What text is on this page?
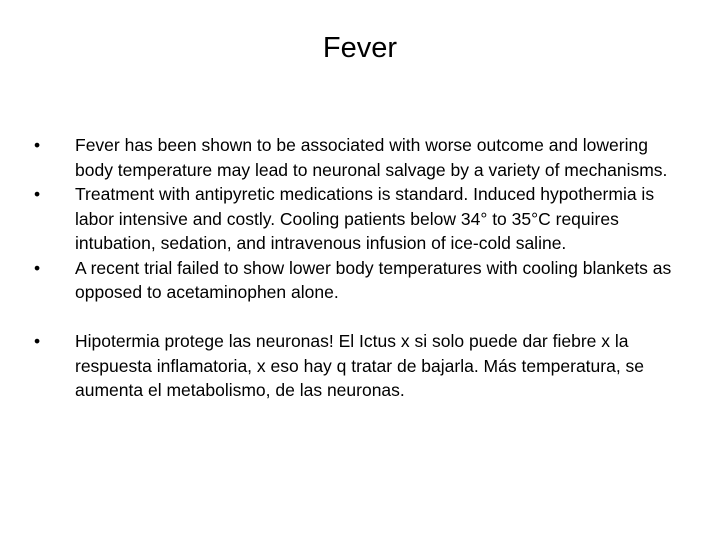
Fever
• Fever has been shown to be associated with worse outcome and lowering body temperature may lead to neuronal salvage by a variety of mechanisms.
• Treatment with antipyretic medications is standard. Induced hypothermia is labor intensive and costly. Cooling patients below 34° to 35°C requires intubation, sedation, and intravenous infusion of ice-cold saline.
• A recent trial failed to show lower body temperatures with cooling blankets as opposed to acetaminophen alone.
• Hipotermia protege las neuronas! El Ictus x si solo puede dar fiebre x la respuesta inflamatoria, x eso hay q tratar de bajarla. Más temperatura, se aumenta el metabolismo, de las neuronas.
